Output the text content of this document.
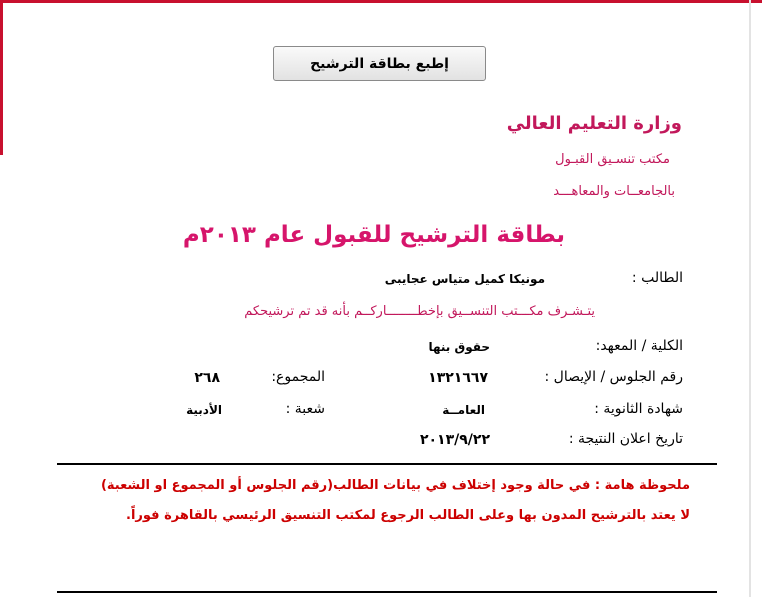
إطبع بطاقة الترشيح
وزارة التعليم العالي
مكتب تنسـيق القبـول
بالجامعــات والمعاهـــد
بطاقة الترشيح للقبول عام ٢٠١٣م
الطالب :
مونيكا كميل متياس عجايبى
يتـشـرف مكـــتب التنســيق بإخطــــــــاركــم بأنه قد تم ترشيحكم
الكلية / المعهد:
حقوق بنها
رقم الجلوس / الإيصال :
١٣٢١٦٦٧
المجموع:
٢٦٨
شهادة الثانوية :
العامــة
شعبة :
الأدبية
تاريخ اعلان النتيجة :
٢٠١٣/٩/٢٢
ملحوظة هامة : في حالة وجود إختلاف في بيانات الطالب(رقم الجلوس أو المجموع او الشعبة)
لا يعتد بالترشيح المدون بها وعلى الطالب الرجوع لمكتب التنسيق الرئيسي بالقاهرة فوراً.
